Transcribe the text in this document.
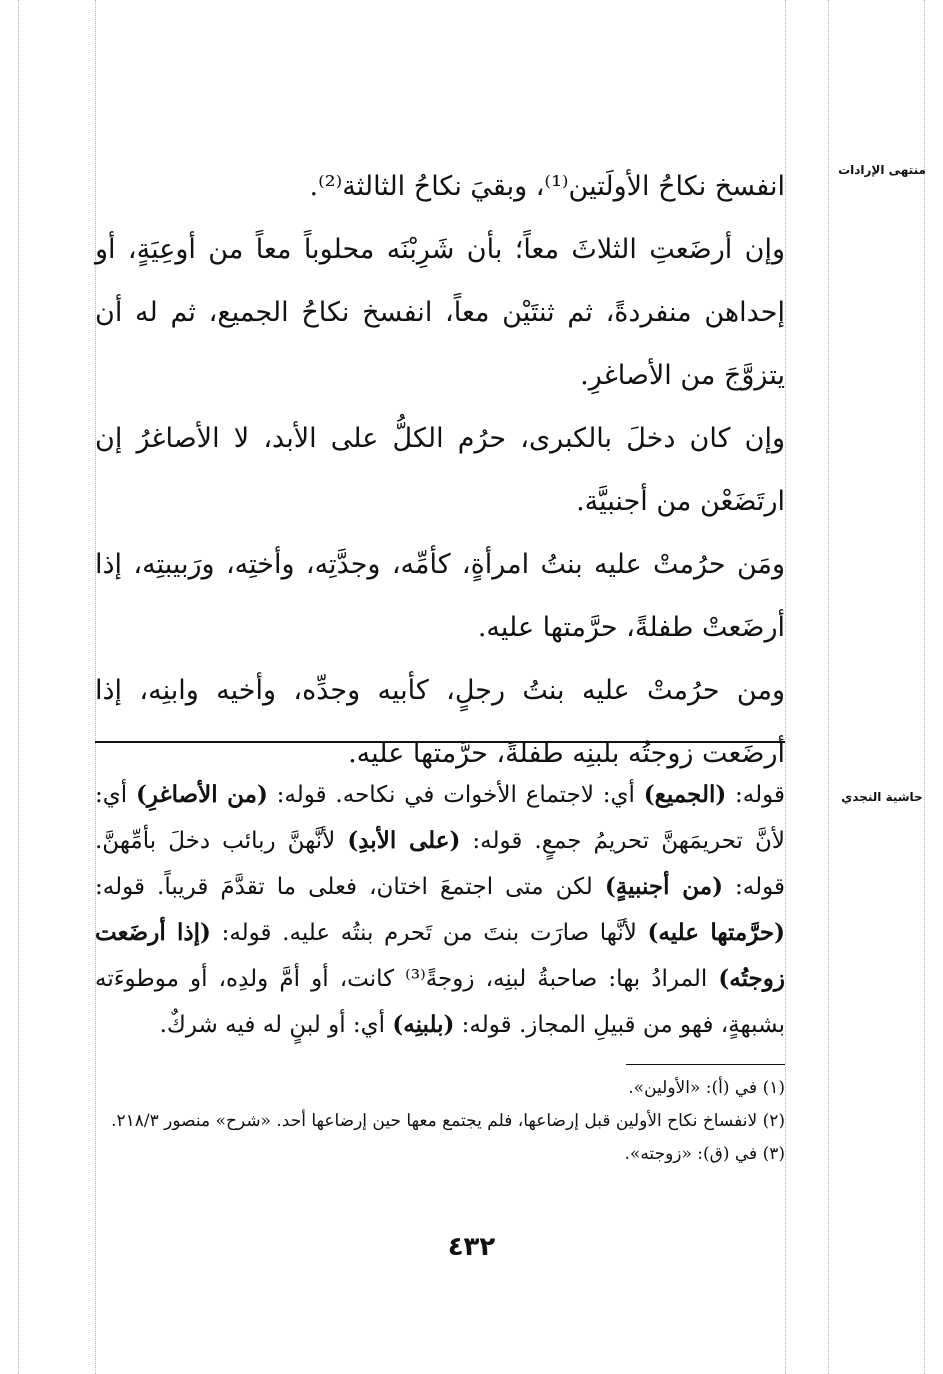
منتهى الإرادات
حاشية النجدي

انفسخ نكاحُ الأولَتين⁽¹⁾، وبقيَ نكاحُ الثالثة⁽²⁾.

وإن أرضَعتِ الثلاثَ معاً؛ بأن شَرِبْنَه محلوباً معاً من أوعِيَةٍ، أو إحداهن منفردةً، ثم ثنتَيْن معاً، انفسخ نكاحُ الجميع، ثم له أن يتزوَّجَ من الأصاغرِ.

وإن كان دخلَ بالكبرى، حرُم الكلُّ على الأبد، لا الأصاغرُ إن ارتَضَعْن من أجنبيَّة.

ومَن حرُمتْ عليه بنتُ امرأةٍ، كأمِّه، وجدَّتِه، وأختِه، ورَبيبتِه، إذا أرضَعتْ طفلةً، حرَّمتها عليه.

ومن حرُمتْ عليه بنتُ رجلٍ، كأبيه وجدِّه، وأخيه وابنِه، إذا أرضَعت زوجتُه بلبنِه طفلةً، حرَّمتها عليه.

قوله: (الجميع) أي: لاجتماع الأخوات في نكاحه. قوله: (من الأصاغرِ) أي: لأنَّ تحريمَهنَّ تحريمُ جمعٍ. قوله: (على الأبدِ) لأنَّهنَّ ربائب دخلَ بأمِّهنَّ. قوله: (من أجنبيةٍ) لكن متى اجتمعَ اختان، فعلى ما تقدَّمَ قريباً. قوله: (حرَّمتها عليه) لأنَّها صارَت بنتَ من تَحرم بنتُه عليه. قوله: (إذا أرضَعت زوجتُه) المرادُ بها: صاحبةُ لبنِه، زوجةً⁽³⁾ كانت، أو أمَّ ولدِه، أو موطوءَته بشبهةٍ، فهو من قبيلِ المجاز. قوله: (بلبنِه) أي: أو لبنٍ له فيه شركٌ.

(١) في (أ): «الأولين».
(٢) لانفساخ نكاح الأولين قبل إرضاعها، فلم يجتمع معها حين إرضاعها أحد. «شرح» منصور ٢١٨/٣.
(٣) في (ق): «زوجته».
٤٣٢
